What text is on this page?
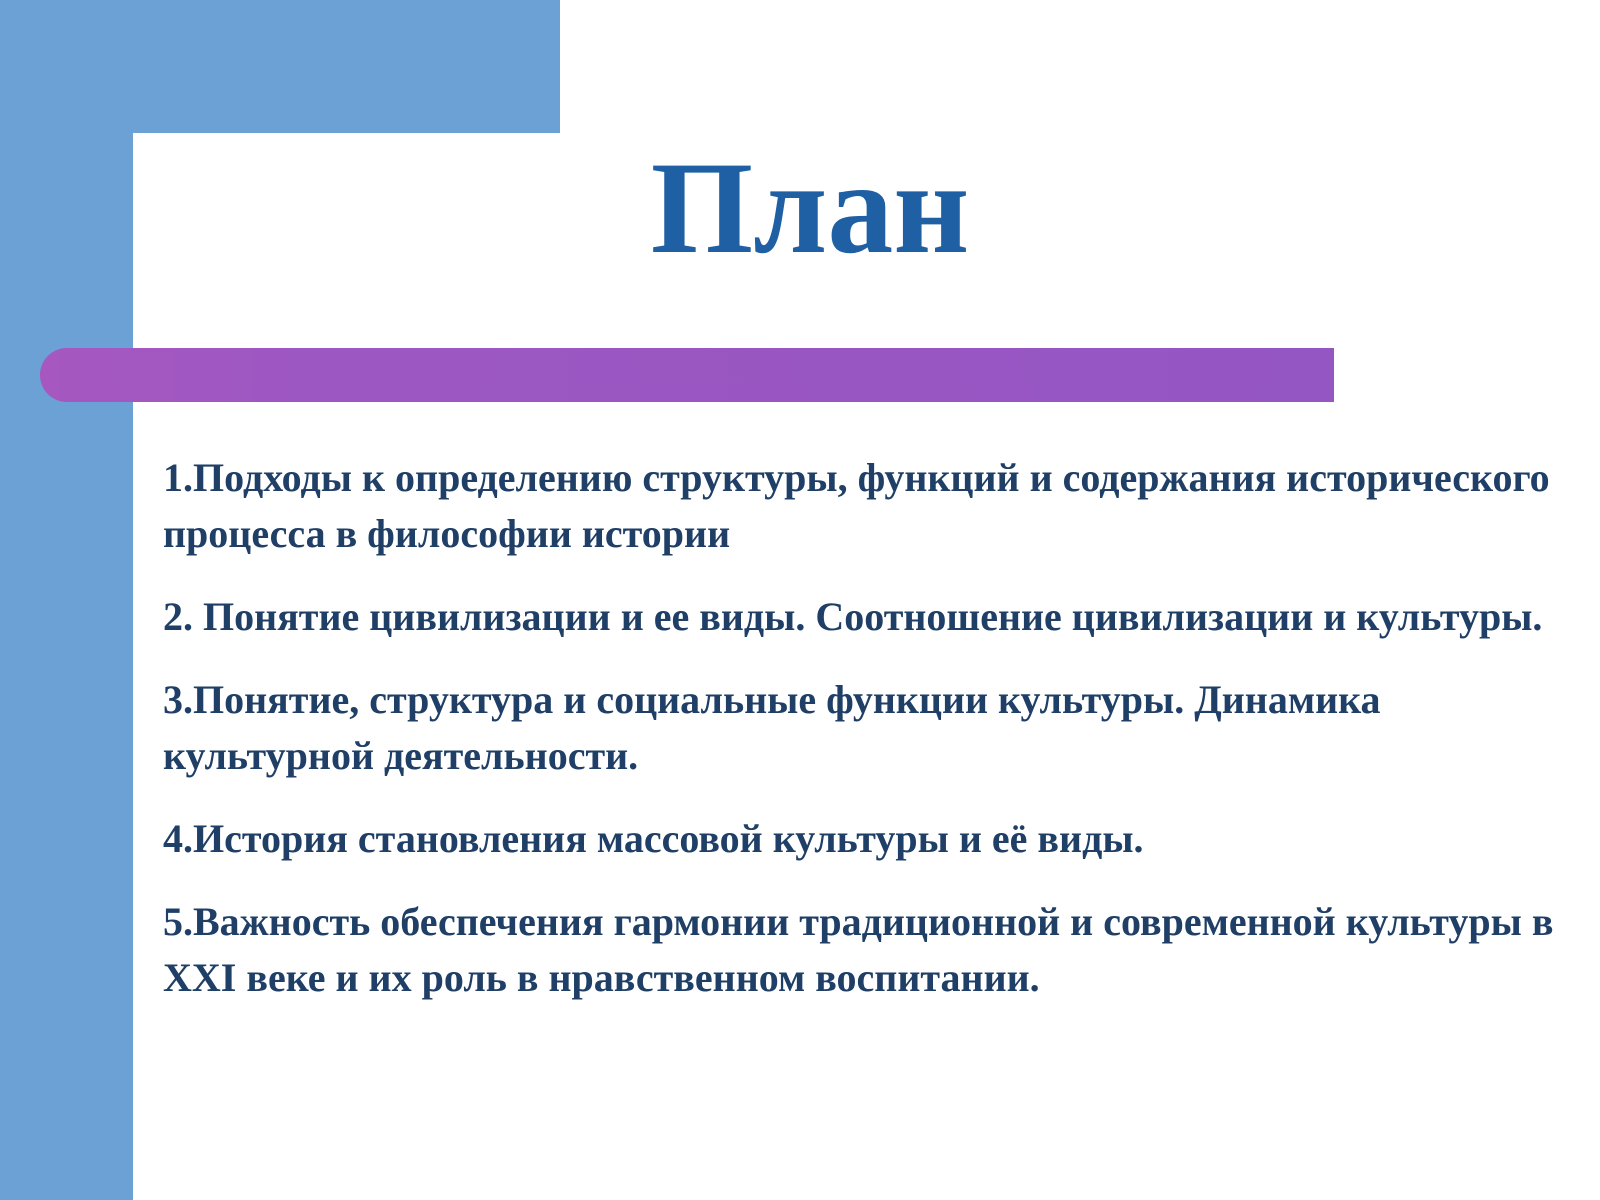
План
1.Подходы к определению структуры, функций и содержания исторического процесса в философии истории
2. Понятие цивилизации и ее виды. Соотношение цивилизации и культуры.
3.Понятие, структура и социальные функции культуры. Динамика культурной деятельности.
4.История становления массовой культуры и её виды.
5.Важность обеспечения гармонии традиционной и современной культуры в XXI веке и их роль в нравственном воспитании.
